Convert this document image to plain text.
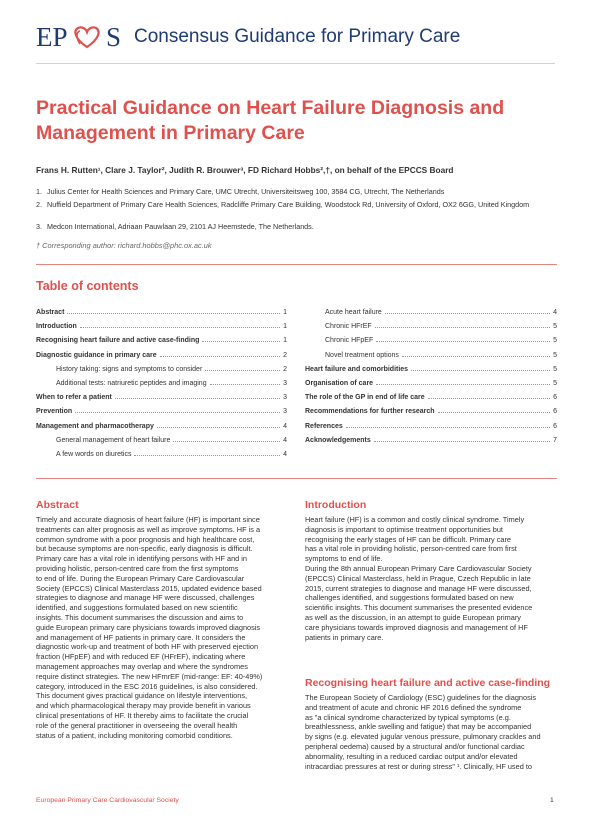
EP S Consensus Guidance for Primary Care
Practical Guidance on Heart Failure Diagnosis and
Management in Primary Care
Frans H. Rutten¹, Clare J. Taylor², Judith R. Brouwer³, FD Richard Hobbs²,†, on behalf of the EPCCS Board
1. Julius Center for Health Sciences and Primary Care, UMC Utrecht, Universiteitsweg 100, 3584 CG, Utrecht, The Netherlands
2. Nuffield Department of Primary Care Health Sciences, Radcliffe Primary Care Building, Woodstock Rd, University of Oxford, OX2 6GG, United Kingdom
3. Medcon International, Adriaan Pauwlaan 29, 2101 AJ Heemstede, The Netherlands.
† Corresponding author: richard.hobbs@phc.ox.ac.uk
Table of contents
Abstract	1
Introduction	1
Recognising heart failure and active case-finding	1
Diagnostic guidance in primary care	2
History taking: signs and symptoms to consider	2
Additional tests: natriuretic peptides and imaging	3
When to refer a patient	3
Prevention	3
Management and pharmacotherapy	4
General management of heart failure	4
A few words on diuretics	4
Acute heart failure	4
Chronic HFrEF	5
Chronic HFpEF	5
Novel treatment options	5
Heart failure and comorbidities	5
Organisation of care	5
The role of the GP in end of life care	6
Recommendations for further research	6
References	6
Acknowledgements	7
Abstract
Timely and accurate diagnosis of heart failure (HF) is important since
treatments can alter prognosis as well as improve symptoms. HF is a
common syndrome with a poor prognosis and high healthcare cost,
but because symptoms are non-specific, early diagnosis is difficult.
Primary care has a vital role in identifying persons with HF and in
providing holistic, person-centred care from the first symptoms
to end of life. During the European Primary Care Cardiovascular
Society (EPCCS) Clinical Masterclass 2015, updated evidence based
strategies to diagnose and manage HF were discussed, challenges
identified, and suggestions formulated based on new scientific
insights. This document summarises the discussion and aims to
guide European primary care physicians towards improved diagnosis
and management of HF patients in primary care. It considers the
diagnostic work-up and treatment of both HF with preserved ejection
fraction (HFpEF) and with reduced EF (HFrEF), indicating where
management approaches may overlap and where the syndromes
require distinct strategies. The new HFmrEF (mid-range: EF: 40-49%)
category, introduced in the ESC 2016 guidelines, is also considered.
This document gives practical guidance on lifestyle interventions,
and which pharmacological therapy may provide benefit in various
clinical presentations of HF. It thereby aims to facilitate the crucial
role of the general practitioner in overseeing the overall health
status of a patient, including monitoring comorbid conditions.
Introduction
Heart failure (HF) is a common and costly clinical syndrome. Timely
diagnosis is important to optimise treatment opportunities but
recognising the early stages of HF can be difficult. Primary care
has a vital role in providing holistic, person-centred care from first
symptoms to end of life.
During the 8th annual European Primary Care Cardiovascular Society
(EPCCS) Clinical Masterclass, held in Prague, Czech Republic in late
2015, current strategies to diagnose and manage HF were discussed,
challenges identified, and suggestions formulated based on new
scientific insights. This document summarises the presented evidence
as well as the discussion, in an attempt to guide European primary
care physicians towards improved diagnosis and management of HF
patients in primary care.
Recognising heart failure and active case-finding
The European Society of Cardiology (ESC) guidelines for the diagnosis
and treatment of acute and chronic HF 2016 defined the syndrome
as "a clinical syndrome characterized by typical symptoms (e.g.
breathlessness, ankle swelling and fatigue) that may be accompanied
by signs (e.g. elevated jugular venous pressure, pulmonary crackles and
peripheral oedema) caused by a structural and/or functional cardiac
abnormality, resulting in a reduced cardiac output and/or elevated
intracardiac pressures at rest or during stress" ¹. Clinically, HF used to
European Primary Care Cardiovascular Society	1
